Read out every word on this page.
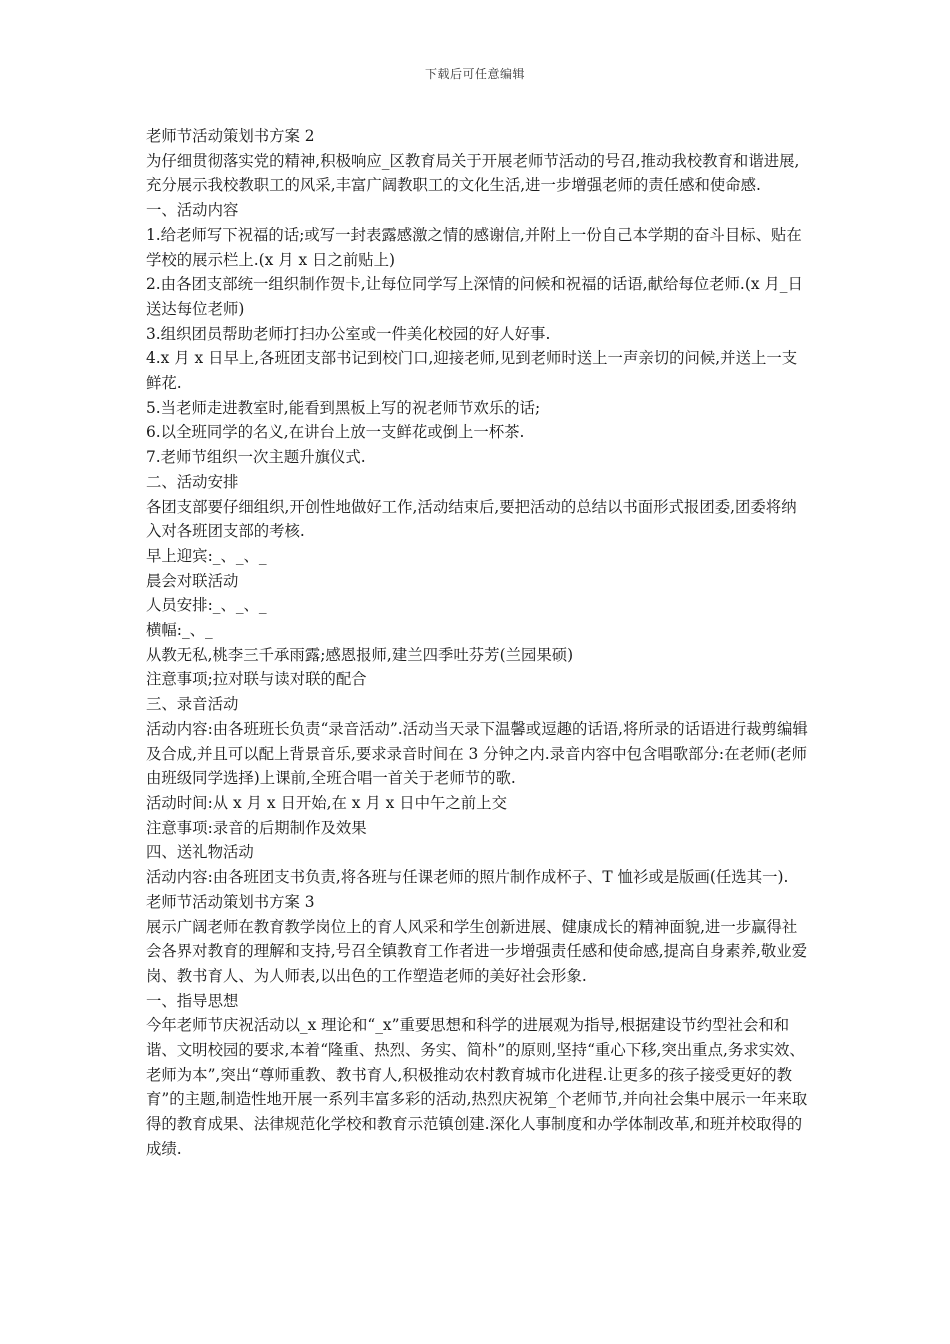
下载后可任意编辑

老师节活动策划书方案 2

为仔细贯彻落实党的精神,积极响应_区教育局关于开展老师节活动的号召,推动我校教育和谐进展,充分展示我校教职工的风采,丰富广阔教职工的文化生活,进一步增强老师的责任感和使命感.

一、活动内容

1.给老师写下祝福的话;或写一封表露感激之情的感谢信,并附上一份自己本学期的奋斗目标、贴在学校的展示栏上.(x 月 x 日之前贴上)

2.由各团支部统一组织制作贺卡,让每位同学写上深情的问候和祝福的话语,献给每位老师.(x 月_日送达每位老师)

3.组织团员帮助老师打扫办公室或一件美化校园的好人好事.

4.x 月 x 日早上,各班团支部书记到校门口,迎接老师,见到老师时送上一声亲切的问候,并送上一支鲜花.

5.当老师走进教室时,能看到黑板上写的祝老师节欢乐的话;

6.以全班同学的名义,在讲台上放一支鲜花或倒上一杯茶.

7.老师节组织一次主题升旗仪式.

二、活动安排

各团支部要仔细组织,开创性地做好工作,活动结束后,要把活动的总结以书面形式报团委,团委将纳入对各班团支部的考核.

早上迎宾:_、_、_

晨会对联活动

人员安排:_、_、_

横幅:_、_

从教无私,桃李三千承雨露;感恩报师,建兰四季吐芬芳(兰园果硕)

注意事项;拉对联与读对联的配合

三、录音活动

活动内容:由各班班长负责“录音活动”.活动当天录下温馨或逗趣的话语,将所录的话语进行裁剪编辑及合成,并且可以配上背景音乐,要求录音时间在 3 分钟之内.录音内容中包含唱歌部分:在老师(老师由班级同学选择)上课前,全班合唱一首关于老师节的歌.

活动时间:从 x 月 x 日开始,在 x 月 x 日中午之前上交

注意事项:录音的后期制作及效果

四、送礼物活动

活动内容:由各班团支书负责,将各班与任课老师的照片制作成杯子、T 恤衫或是版画(任选其一).

老师节活动策划书方案 3

展示广阔老师在教育教学岗位上的育人风采和学生创新进展、健康成长的精神面貌,进一步赢得社会各界对教育的理解和支持,号召全镇教育工作者进一步增强责任感和使命感,提高自身素养,敬业爱岗、教书育人、为人师表,以出色的工作塑造老师的美好社会形象.

一、指导思想

今年老师节庆祝活动以_x 理论和“_x”重要思想和科学的进展观为指导,根据建设节约型社会和和谐、文明校园的要求,本着“隆重、热烈、务实、简朴”的原则,坚持“重心下移,突出重点,务求实效、老师为本”,突出“尊师重教、教书育人,积极推动农村教育城市化进程.让更多的孩子接受更好的教育”的主题,制造性地开展一系列丰富多彩的活动,热烈庆祝第_个老师节,并向社会集中展示一年来取得的教育成果、法律规范化学校和教育示范镇创建.深化人事制度和办学体制改革,和班并校取得的成绩.
